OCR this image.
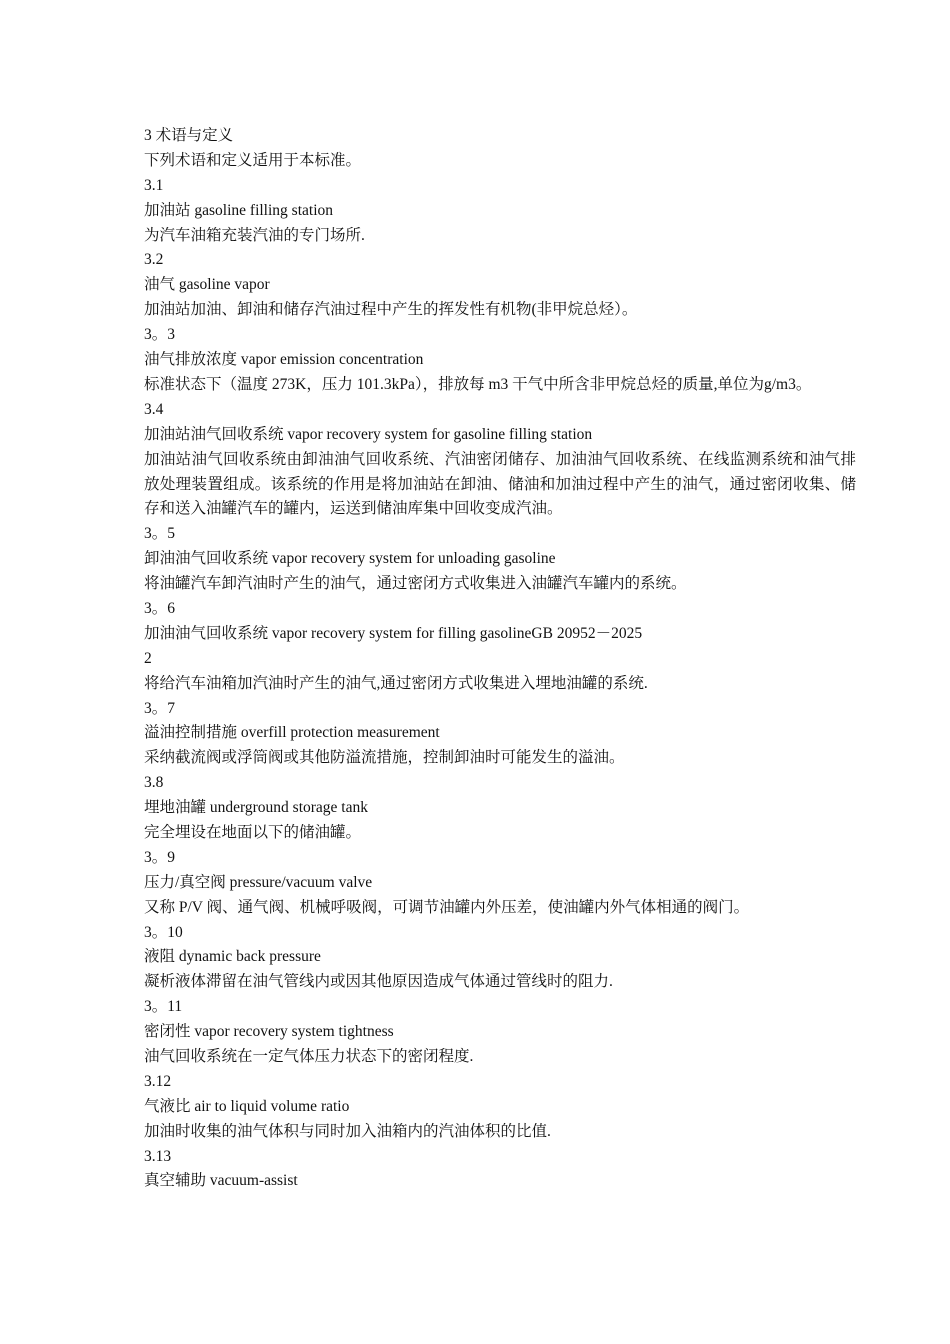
3 术语与定义
下列术语和定义适用于本标准。
3.1
加油站 gasoline filling station
为汽车油箱充装汽油的专门场所.
3.2
油气 gasoline vapor
加油站加油、卸油和储存汽油过程中产生的挥发性有机物(非甲烷总烃）。
3。3
油气排放浓度 vapor emission concentration
标准状态下（温度 273K，压力 101.3kPa），排放每 m3 干气中所含非甲烷总烃的质量,单位为g/m3。
3.4
加油站油气回收系统 vapor recovery system for gasoline filling station
加油站油气回收系统由卸油油气回收系统、汽油密闭储存、加油油气回收系统、在线监测系统和油气排放处理装置组成。该系统的作用是将加油站在卸油、储油和加油过程中产生的油气，通过密闭收集、储存和送入油罐汽车的罐内，运送到储油库集中回收变成汽油。
3。5
卸油油气回收系统 vapor recovery system for unloading gasoline
将油罐汽车卸汽油时产生的油气，通过密闭方式收集进入油罐汽车罐内的系统。
3。6
加油油气回收系统 vapor recovery system for filling gasolineGB 20952－2025
2
将给汽车油箱加汽油时产生的油气,通过密闭方式收集进入埋地油罐的系统.
3。7
溢油控制措施 overfill protection measurement
采纳截流阀或浮筒阀或其他防溢流措施，控制卸油时可能发生的溢油。
3.8
埋地油罐 underground storage tank
完全埋设在地面以下的储油罐。
3。9
压力/真空阀 pressure/vacuum valve
又称 P/V 阀、通气阀、机械呼吸阀，可调节油罐内外压差，使油罐内外气体相通的阀门。
3。10
液阻 dynamic back pressure
凝析液体滞留在油气管线内或因其他原因造成气体通过管线时的阻力.
3。11
密闭性 vapor recovery system tightness
油气回收系统在一定气体压力状态下的密闭程度.
3.12
气液比 air to liquid volume ratio
加油时收集的油气体积与同时加入油箱内的汽油体积的比值.
3.13
真空辅助 vacuum-assist
